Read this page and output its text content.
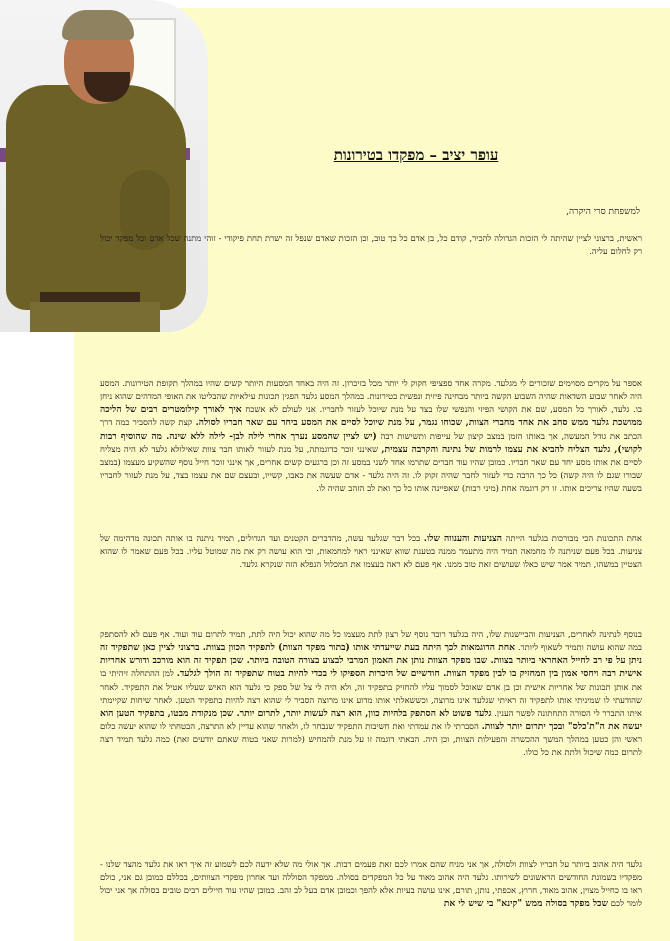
עופר יציב – מפקדו בטירונות
למשפחת סרי היקרה,
ראשית, ברצוני לציין שהיתה לי הזכות הגדולה להכיר, קודם כל, בן אדם כל כך טוב, וכן הזכות שאדם שנפל זה ישרת תחת פיקודי - זוהי מתנה שכל אדם וכל מפקד יכול רק לחלום עליה.
אספר על מקרים מסוימים שזכורים לי מגלעד. מקרה אחד ספציפי חקוק לי יותר מכל בזיכרון. זה היה באחד המסעות היותר קשים שהיו במהלך תקופת הטירונות. המסע היה לאחר שבוע השדאות שהיה השבוע הקשה ביותר מבחינה פיזית ונפשית בטירונות. במהלך המסע גלעד הפגין תכונות עילאיות שהבליטו את האופי המדהים שהוא ניחן בו. גלעד, לאורך כל המסע, שם את הקושי הפיזי והנפשי שלו בצד על מנת שיוכל לעזור לחבריו. אני לעולם לא אשכח איך לאורך קילומטרים רבים של הליכה ממושכת גלעד ממש סחב את אחד מחברי הצוות, שכוחו נגמר, על מנת שיוכל לסיים את המסע ביחד עם שאר חבריו לסולה. קצת קשה להסביר כמה דרך הכתב את גודל המעשה, אך באותו הזמן במצב קיצון של עייפות ותשישות רבה (יש לציין שהמסע נערך אחרי לילה לבן- לילה ללא שינה. מה שהוסיף רבות לקושי), גלעד הצליח להביא את עצמו לרמות של נתינה והקרבה עצמית, שאינני זוכר כדוגמתה, על מנת לעזור לאותו חבר צוות שאילולא גלעד לא היה מצליח לסיים את אותו מסע יחד עם שאר חבריו. כמובן שהיו עוד חברים שתרמו אחד לשני במסע זה וכן ברגעים קשים אחרים, אך אינני זוכר חייל נוסף שהשקיע מעצמו (במצב שבורו שגם לו היה קשה) כל כך הרבה כדי לעזור לחבר שהיה זקוק לו. זה היה גלעד - אדם שעשה את כאבו, קשייו, ובעצם שם את עצמו בצד, על מנת לעזור לחבריו בשעה שהיו צריכים אותו. זו רק דוגמה אחת (מיני רבות) שאפיינה אותו כל כך ואת לב הזהב שהיה לו.
אחת התכונות הכי מבורכות בגלעד הייתה הצניעות והענווה שלו. בכל דבר שגלעד עשה, מהדברים הקטנים ועד הגדולים, תמיד ניתנה בו אותה תכונה מדהימה של צניעות. בכל פעם שניתנה לו מחמאה תמיד היה מתעמר ממנה בטענת שווא שאינני ראוי למחמאות, וכי הוא עושה רק את מה שמוטל עליו. בכל פעם שאמר לו שהוא הצטיין במשהו, תמיד אמר שיש כאלו שעושים זאת טוב ממנו. אף פעם לא ראה בעצמו את המכלול הנפלא הזה שנקרא גלעד.
בנוסף לנתינה לאחרים, הצניעות והביישנות שלו, היה בגלעד רובד נוסף של רצון לתת מעצמו כל מה שהוא יכול היה לתת, תמיד לתרום עוד ועוד. אף פעם לא להסתפק במה שהוא עושה ותמיד לשאוף ליותר. אחת הדוגמאות לכך היתה בעת שייעדתי אותו (בתור מפקד הצוות) לתפקיד הכוון בצוות. ברצוני לציין כאן שתפקיד זה ניתן על פי רב לחייל האחראי ביותר בצוות. שבו מפקד הצוות נותן את האמון המרבי לבצוע בצורה הטובה ביותר. שכן תפקיד זה הוא מורכב ודורש אחריות אישית רבה ויחסי אמון בין המחזיק בו לבין מפקד הצוות. חודשיים של היכרות הספיקו לי בכדי להיות בטוח שתפקיד זה הולך לגלעד. למן ההתחלה זיהיתי בו את אותן תכונות של אחריות אישית וכן בן אדם שאוכל לסמוך עליו להחזיק בתפקיד זה, ולא היה לי צל של ספק כי גלעד הוא האיש שעליו אטיל את התפקיד. לאחר שהודעתי לו שמיניתי אותו לתפקיד זה ראיתי שגלעד אינו מרוצה, וכששאלתי אותו מדוע אינו מרוצה הסביר לי שהוא רצה להיות בתפקיד הטען. לאחר שיחות שקיימתי איתו התברר לי הסורה התחתונה לפשר הענין. גלעד פשוט לא הסתפק בלהיות כוון, הוא רצה לעשות יותר, לתרום יותר. שכן מנקודת מבטו, בתפקיד הטען הוא יעשה את ה"ת'כלס" ובכך יתרום יותר לצוות. הסברתי לו את עמדתי ואת חשיבות התפקיד שנבחר לו, ולאחר שהוא עדיין לא התרצה, הבטחתי לו שהוא יעשה כלום ראשי והן כטען במהלך המשך ההכשרה והפעילות הצוות, וכן היה. הבאתי דוגמה זו על מנת להמחיש (למרות שאני בטוח שאתם יודעים זאת) כמה גלעד תמיד רצה לתרום כמה שיכול ולתת את כל כולו.
גלעד היה אהוב ביותר על חבריו לצוות ולסולה, אך אני מניח שהם אמרו לכם זאת פעמים רבות. אך אולי מה שלא ידעה לכם לשמוע זה איך ראו את גלעד מהצד שלנו - מפקדיו בשמונת החודשים הראשונים לשירותו. גלעד היה אהוב מאוד על כל המפקדים בסולה. ממפקד הסוללה ועד אחרון מפקדי הצוותים, בכללם כמובן גם אני, כולם ראו בו כחייל מצוין, אהוב מאוד, חרוץ, אכפתי, נותן, תורם, אינו עושה בעיות אלא להפך וכמובן אדם בעל לב זהב. כמובן שהיו עוד חיילים רבים טובים בסולה אך אני יכול לומר לכם שכל מפקד בסולה ממש "קינא" בי שיש לי את
